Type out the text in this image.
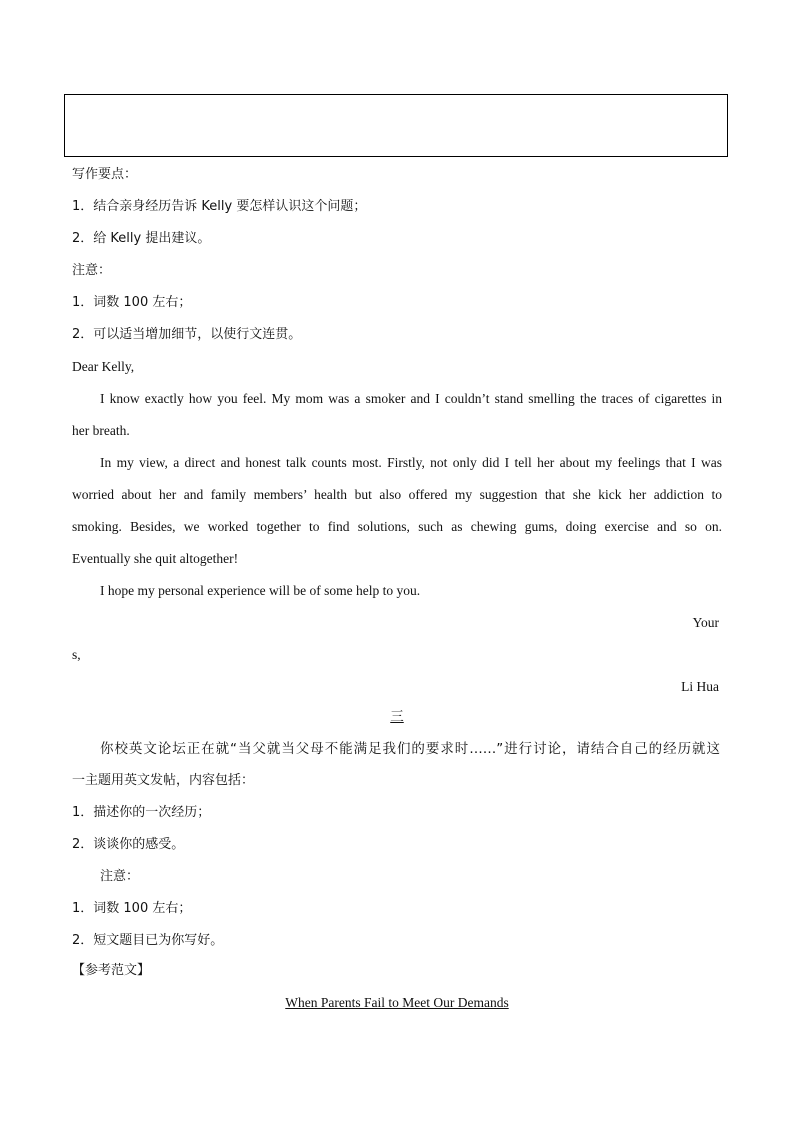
写作要点：
1．结合亲身经历告诉 Kelly 要怎样认识这个问题；
2．给 Kelly 提出建议。
注意：
1．词数 100 左右；
2．可以适当增加细节，以使行文连贯。
Dear Kelly,
I know exactly how you feel. My mom was a smoker and I couldn’t stand smelling the traces of cigarettes in
her breath.
In my view, a direct and honest talk counts most. Firstly, not only did I tell her about my feelings that I was
worried about her and family members’ health but also offered my suggestion that she kick her addiction to
smoking. Besides, we worked together to find solutions, such as chewing gums, doing exercise and so on.
Eventually she quit altogether!
I hope my personal experience will be of some help to you.
Your
s,
Li Hua
三
你校英文论坛正在就“当父就当父母不能满足我们的要求时……”进行讨论，请结合自己的经历就这
一主题用英文发帖，内容包括：
1．描述你的一次经历；
2．谈谈你的感受。
注意：
1．词数 100 左右；
2．短文题目已为你写好。
【参考范文】
When Parents Fail to Meet Our Demands
